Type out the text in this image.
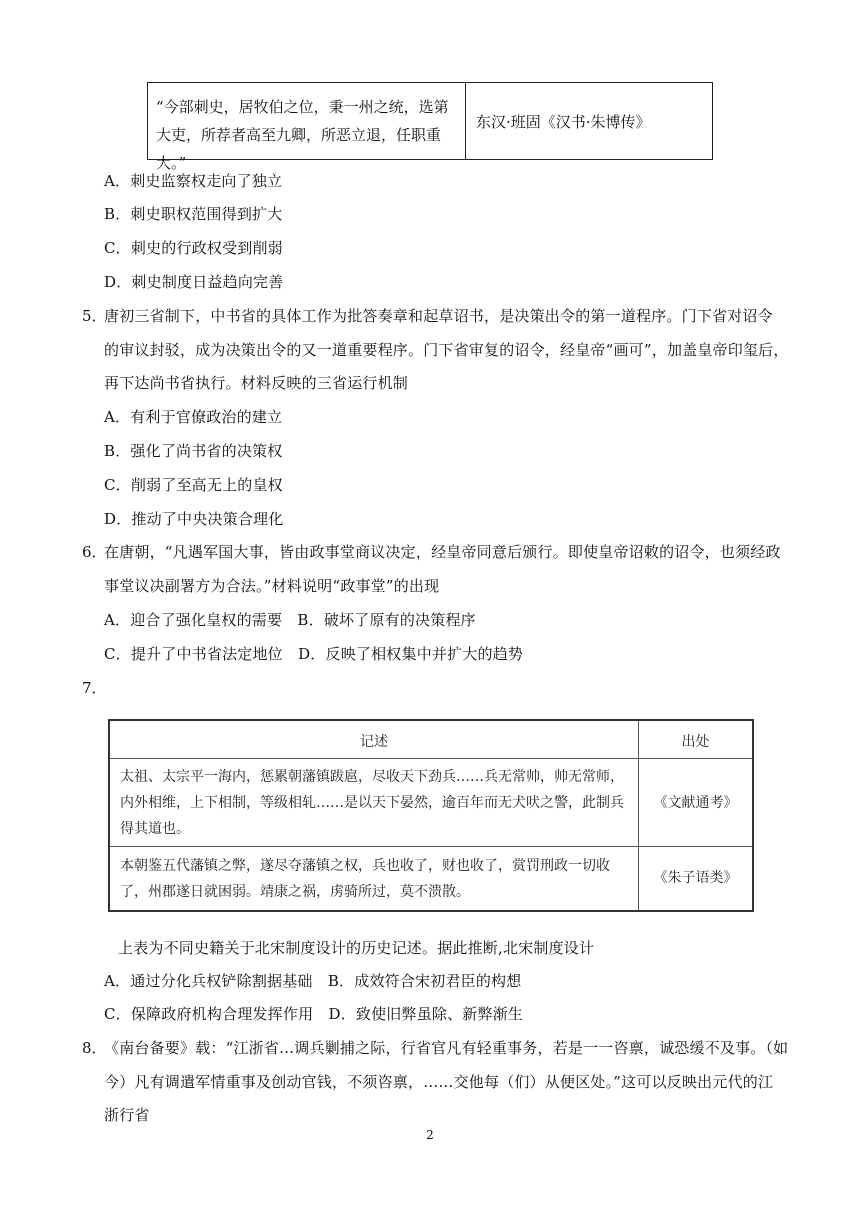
“今部刺史，居牧伯之位，秉一州之统，选第
大吏，所荐者高至九卿，所恶立退，任职重大。”
东汉·班固《汉书·朱博传》
A．刺史监察权走向了独立
B．刺史职权范围得到扩大
C．刺史的行政权受到削弱
D．刺史制度日益趋向完善
5．
唐初三省制下，中书省的具体工作为批答奏章和起草诏书，是决策出令的第一道程序。门下省对诏令
的审议封驳，成为决策出令的又一道重要程序。门下省审复的诏令，经皇帝“画可”，加盖皇帝印玺后，
再下达尚书省执行。材料反映的三省运行机制
A．有利于官僚政治的建立
B．强化了尚书省的决策权
C．削弱了至高无上的皇权
D．推动了中央决策合理化
6．
在唐朝，“凡遇军国大事，皆由政事堂商议决定，经皇帝同意后颁行。即使皇帝诏敕的诏令，也须经政
事堂议决副署方为合法。”材料说明“政事堂”的出现
A．迎合了强化皇权的需要　B．破坏了原有的决策程序
C．提升了中书省法定地位　D．反映了相权集中并扩大的趋势
7．
记述	出处
太祖、太宗平一海内，惩累朝藩镇跋扈，尽收天下劲兵……兵无常帅，帅无常师，内外相维，上下相制，等级相轧……是以天下晏然，逾百年而无犬吠之警，此制兵得其道也。
《文献通考》
本朝鉴五代藩镇之弊，遂尽夺藩镇之权，兵也收了，财也收了，赏罚刑政一切收了，州郡遂日就困弱。靖康之祸，虏骑所过，莫不溃散。
《朱子语类》
上表为不同史籍关于北宋制度设计的历史记述。据此推断,北宋制度设计
A．通过分化兵权铲除割据基础　B．成效符合宋初君臣的构想
C．保障政府机构合理发挥作用　D．致使旧弊虽除、新弊渐生
8．
《南台备要》载：“江浙省…调兵剿捕之际，行省官凡有轻重事务，若是一一咨禀，诚恐缓不及事。（如
今）凡有调遣军情重事及创动官钱，不须咨禀，……交他每（们）从便区处。”这可以反映出元代的江
浙行省
2
